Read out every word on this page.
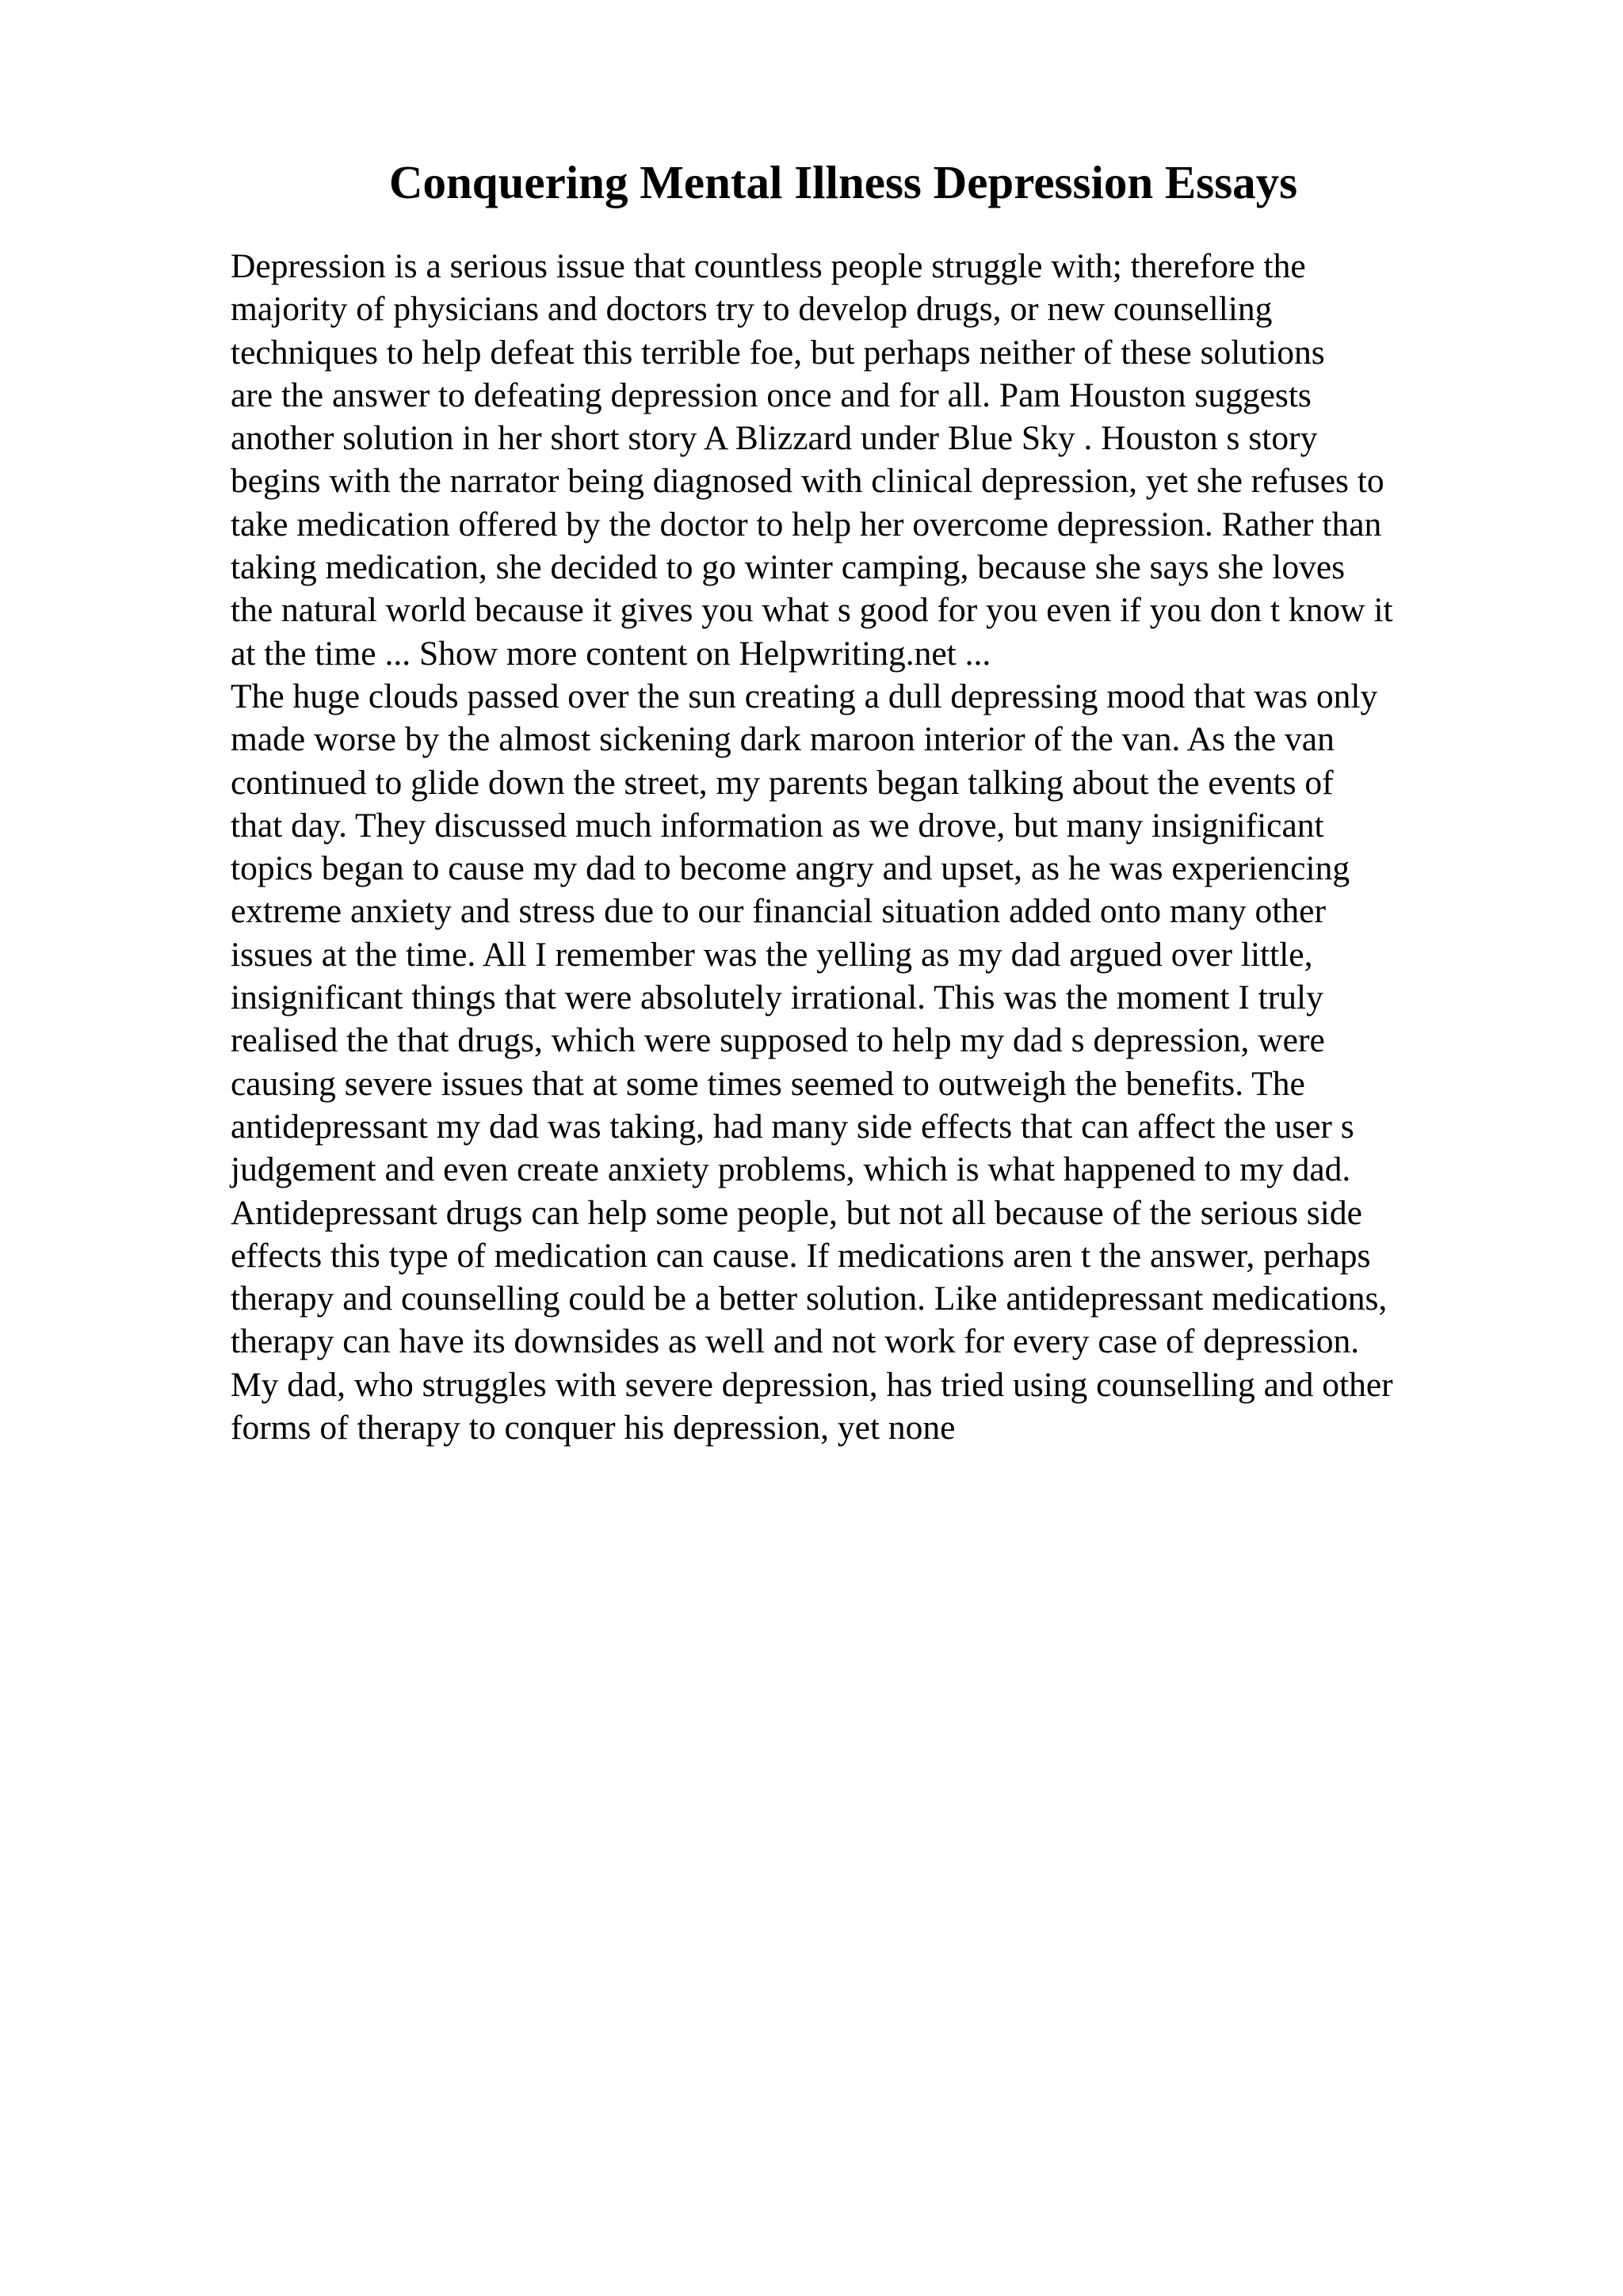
Conquering Mental Illness Depression Essays
Depression is a serious issue that countless people struggle with; therefore the
majority of physicians and doctors try to develop drugs, or new counselling
techniques to help defeat this terrible foe, but perhaps neither of these solutions
are the answer to defeating depression once and for all. Pam Houston suggests
another solution in her short story A Blizzard under Blue Sky . Houston s story
begins with the narrator being diagnosed with clinical depression, yet she refuses to
take medication offered by the doctor to help her overcome depression. Rather than
taking medication, she decided to go winter camping, because she says she loves
the natural world because it gives you what s good for you even if you don t know it
at the time ... Show more content on Helpwriting.net ...
The huge clouds passed over the sun creating a dull depressing mood that was only
made worse by the almost sickening dark maroon interior of the van. As the van
continued to glide down the street, my parents began talking about the events of
that day. They discussed much information as we drove, but many insignificant
topics began to cause my dad to become angry and upset, as he was experiencing
extreme anxiety and stress due to our financial situation added onto many other
issues at the time. All I remember was the yelling as my dad argued over little,
insignificant things that were absolutely irrational. This was the moment I truly
realised the that drugs, which were supposed to help my dad s depression, were
causing severe issues that at some times seemed to outweigh the benefits. The
antidepressant my dad was taking, had many side effects that can affect the user s
judgement and even create anxiety problems, which is what happened to my dad.
Antidepressant drugs can help some people, but not all because of the serious side
effects this type of medication can cause. If medications aren t the answer, perhaps
therapy and counselling could be a better solution. Like antidepressant medications,
therapy can have its downsides as well and not work for every case of depression.
My dad, who struggles with severe depression, has tried using counselling and other
forms of therapy to conquer his depression, yet none
